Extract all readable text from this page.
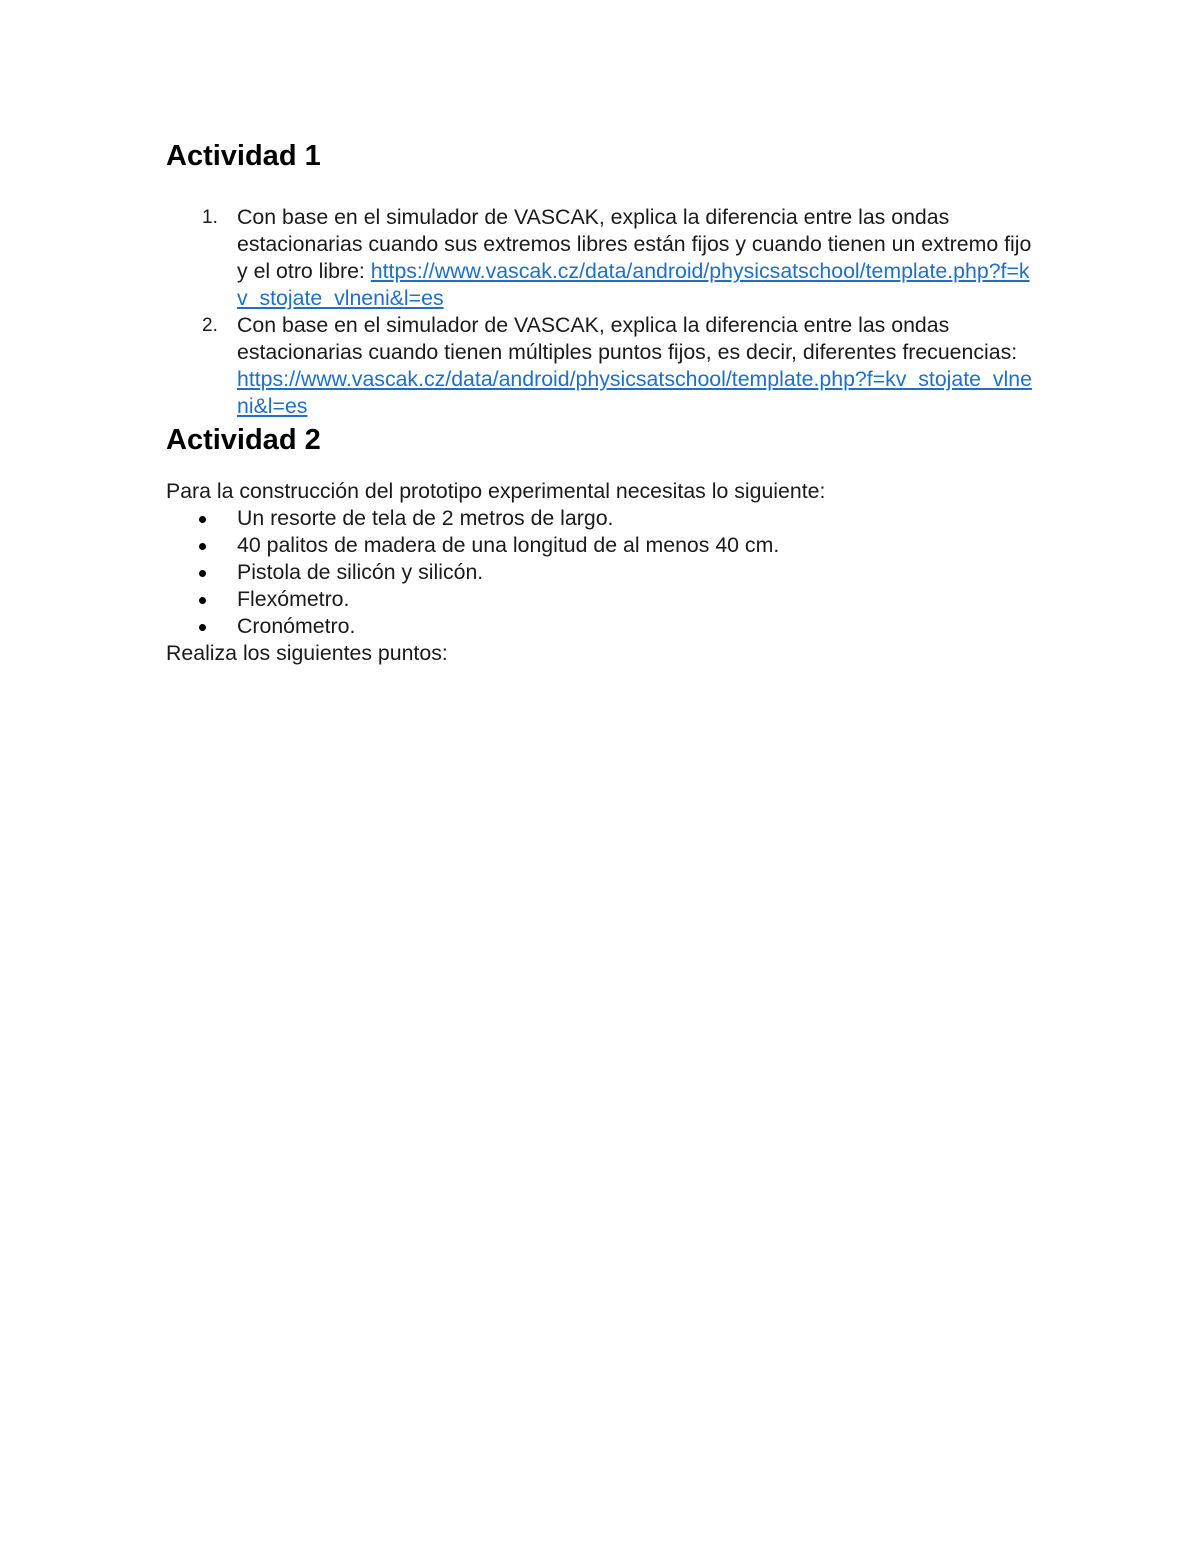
Actividad 1
1. Con base en el simulador de VASCAK, explica la diferencia entre las ondas estacionarias cuando sus extremos libres están fijos y cuando tienen un extremo fijo y el otro libre: https://www.vascak.cz/data/android/physicsatschool/template.php?f=kv_stojate_vlneni&l=es
2. Con base en el simulador de VASCAK, explica la diferencia entre las ondas estacionarias cuando tienen múltiples puntos fijos, es decir, diferentes frecuencias: https://www.vascak.cz/data/android/physicsatschool/template.php?f=kv_stojate_vlneni&l=es
Actividad 2

Para la construcción del prototipo experimental necesitas lo siguiente:

Un resorte de tela de 2 metros de largo.
40 palitos de madera de una longitud de al menos 40 cm.
Pistola de silicón y silicón.
Flexómetro.
Cronómetro.

Realiza los siguientes puntos:
